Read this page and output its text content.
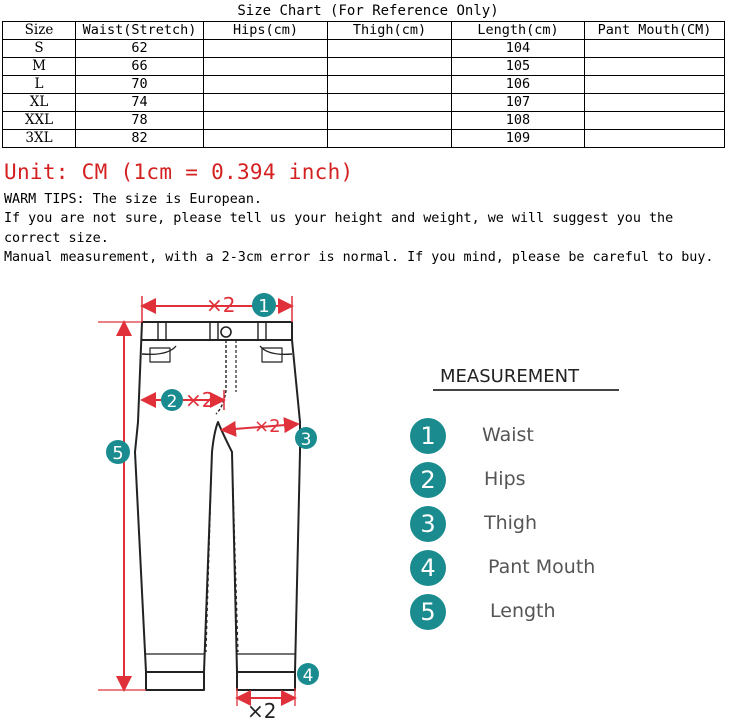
Size Chart (For Reference Only)
Size	Waist(Stretch)	Hips(cm)	Thigh(cm)	Length(cm)	Pant Mouth(CM)
S	62			104	
M	66			105	
L	70			106	
XL	74			107	
XXL	78			108	
3XL	82			109	
Unit: CM (1cm = 0.394 inch)

WARM TIPS: The size is European.

If you are not sure, please tell us your height and weight, we will suggest you the correct size.

Manual measurement, with a 2-3cm error is normal. If you mind, please be careful to buy.

×2 1
2 ×2
×2
3
5
×2
4
MEASUREMENT
1	Waist
2	Hips
3	Thigh
4	Pant Mouth
5	Length
